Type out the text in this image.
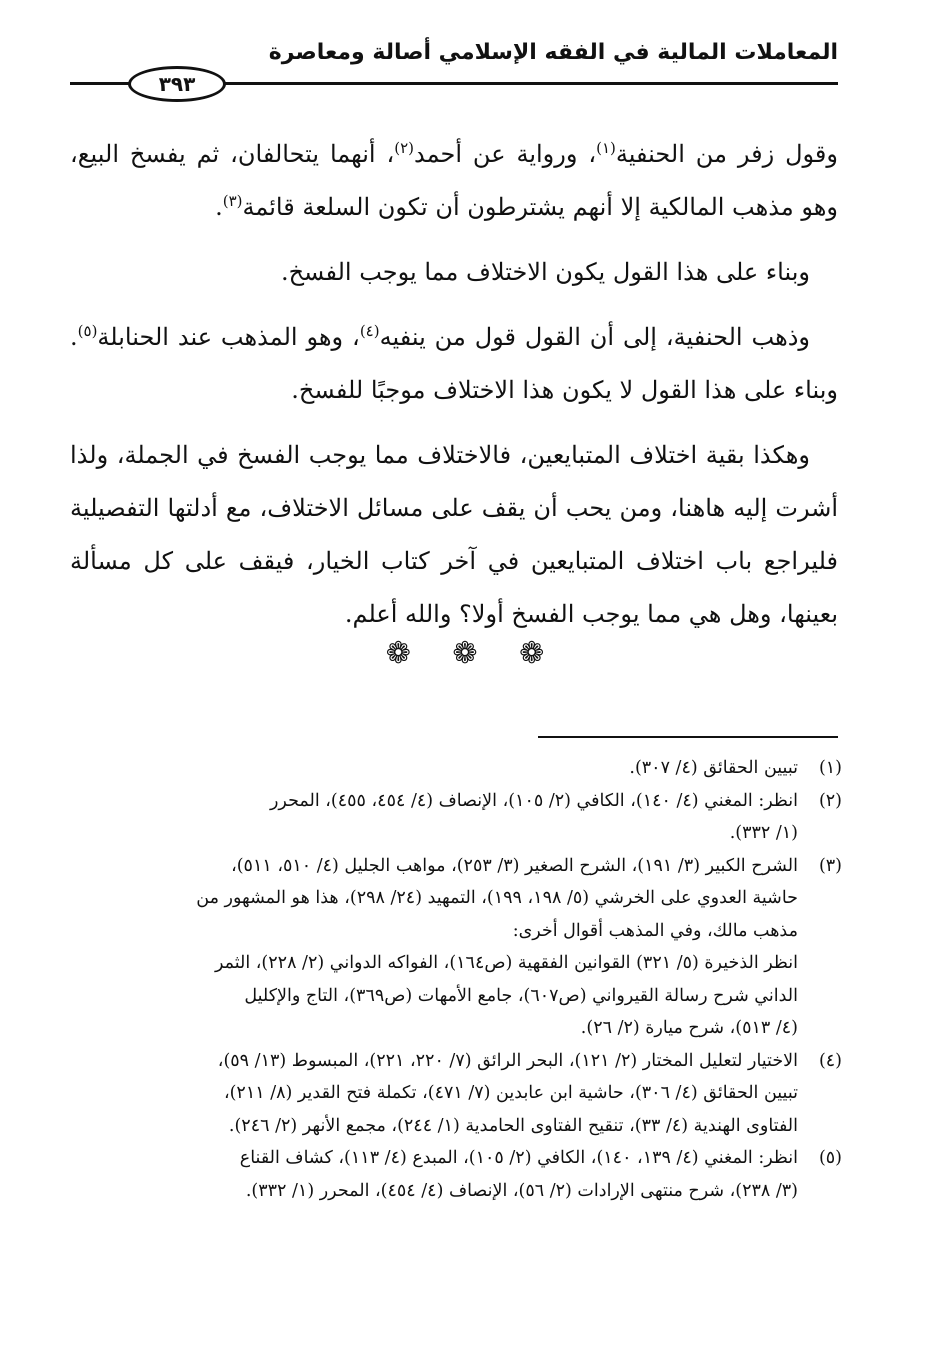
المعاملات المالية في الفقه الإسلامي أصالة ومعاصرة
٣٩٣

وقول زفر من الحنفية$^{(١)}$، ورواية عن أحمد$^{(٢)}$، أنهما يتحالفان، ثم يفسخ البيع، وهو مذهب المالكية إلا أنهم يشترطون أن تكون السلعة قائمة$^{(٣)}$.

وبناء على هذا القول يكون الاختلاف مما يوجب الفسخ.

وذهب الحنفية، إلى أن القول قول من ينفيه$^{(٤)}$، وهو المذهب عند الحنابلة$^{(٥)}$. وبناء على هذا القول لا يكون هذا الاختلاف موجبًا للفسخ.

وهكذا بقية اختلاف المتبايعين، فالاختلاف مما يوجب الفسخ في الجملة، ولذا أشرت إليه هاهنا، ومن يحب أن يقف على مسائل الاختلاف، مع أدلتها التفصيلية فليراجع باب اختلاف المتبايعين في آخر كتاب الخيار، فيقف على كل مسألة بعينها، وهل هي مما يوجب الفسخ أولا؟ والله أعلم.

❁ ❁ ❁
(١)
تبيين الحقائق (٤/ ٣٠٧).
(٢)
انظر: المغني (٤/ ١٤٠)، الكافي (٢/ ١٠٥)، الإنصاف (٤/ ٤٥٤، ٤٥٥)، المحرر
(١/ ٣٣٢).
(٣)
الشرح الكبير (٣/ ١٩١)، الشرح الصغير (٣/ ٢٥٣)، مواهب الجليل (٤/ ٥١٠، ٥١١)،
حاشية العدوي على الخرشي (٥/ ١٩٨، ١٩٩)، التمهيد (٢٤/ ٢٩٨)، هذا هو المشهور من
مذهب مالك، وفي المذهب أقوال أخرى:
انظر الذخيرة (٥/ ٣٢١) القوانين الفقهية (ص١٦٤)، الفواكه الدواني (٢/ ٢٢٨)، الثمر
الداني شرح رسالة القيرواني (ص٦٠٧)، جامع الأمهات (ص٣٦٩)، التاج والإكليل
(٤/ ٥١٣)، شرح ميارة (٢/ ٢٦).
(٤)
الاختيار لتعليل المختار (٢/ ١٢١)، البحر الرائق (٧/ ٢٢٠، ٢٢١)، المبسوط (١٣/ ٥٩)،
تبيين الحقائق (٤/ ٣٠٦)، حاشية ابن عابدين (٧/ ٤٧١)، تكملة فتح القدير (٨/ ٢١١)،
الفتاوى الهندية (٤/ ٣٣)، تنقيح الفتاوى الحامدية (١/ ٢٤٤)، مجمع الأنهر (٢/ ٢٤٦).
(٥)
انظر: المغني (٤/ ١٣٩، ١٤٠)، الكافي (٢/ ١٠٥)، المبدع (٤/ ١١٣)، كشاف القناع
(٣/ ٢٣٨)، شرح منتهى الإرادات (٢/ ٥٦)، الإنصاف (٤/ ٤٥٤)، المحرر (١/ ٣٣٢).
